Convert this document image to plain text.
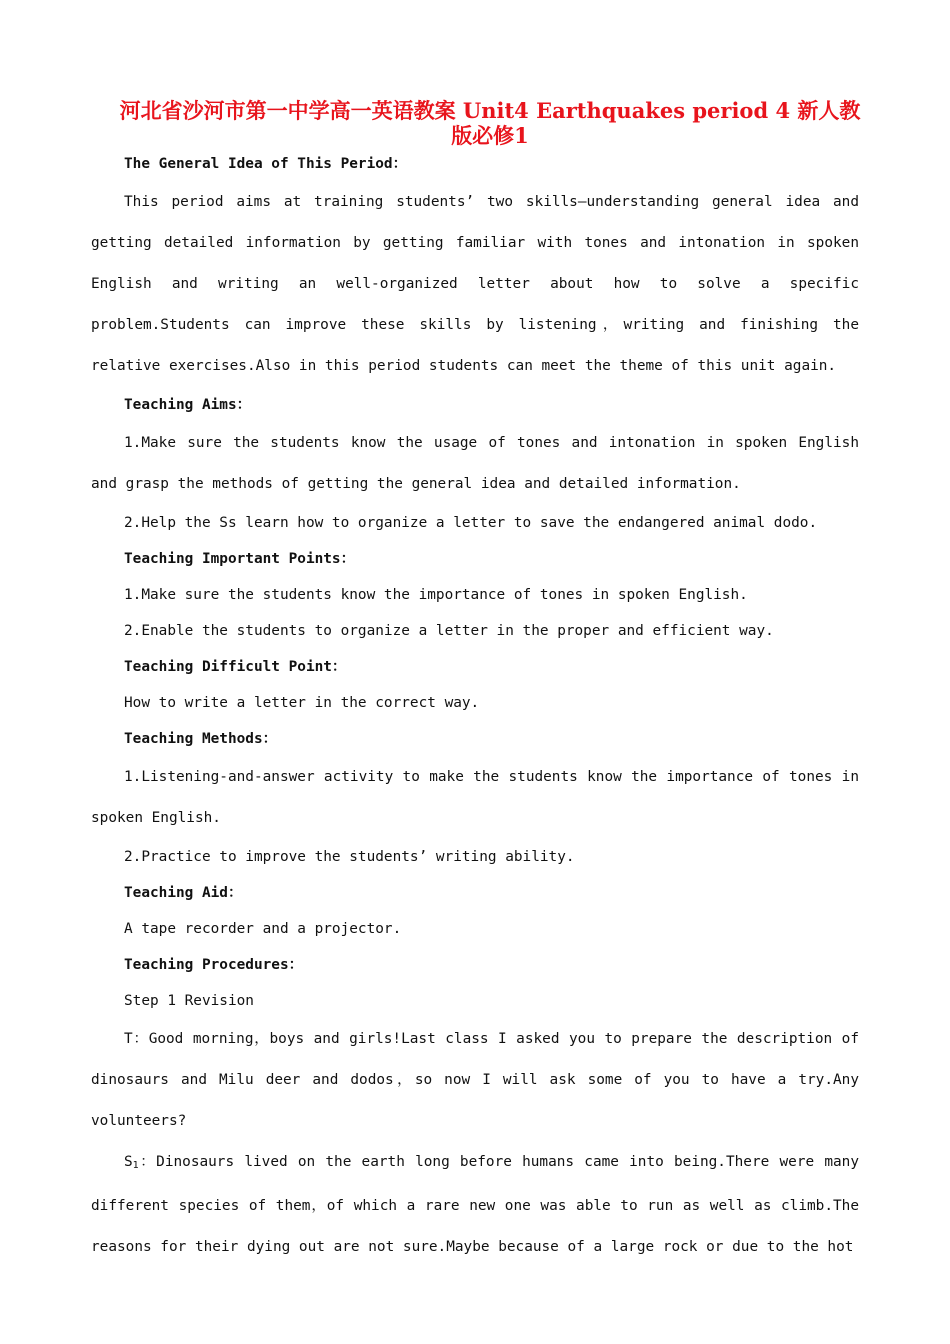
河北省沙河市第一中学高一英语教案 Unit4 Earthquakes period 4 新人教版必修1

The General Idea of This Period：

This period aims at training students’ two skills—understanding general idea and getting detailed information by getting familiar with tones and intonation in spoken English and writing an well-organized letter about how to solve a specific problem.Students can improve these skills by listening，writing and finishing the relative exercises.Also in this period students can meet the theme of this unit again.

Teaching Aims：

1.Make sure the students know the usage of tones and intonation in spoken English and grasp the methods of getting the general idea and detailed information.

2.Help the Ss learn how to organize a letter to save the endangered animal dodo.

Teaching Important Points：

1.Make sure the students know the importance of tones in spoken English.

2.Enable the students to organize a letter in the proper and efficient way.

Teaching Difficult Point：

How to write a letter in the correct way.

Teaching Methods：

1.Listening-and-answer activity to make the students know the importance of tones in spoken English.

2.Practice to improve the students’ writing ability.

Teaching Aid：

A tape recorder and a projector.

Teaching Procedures：

Step 1 Revision

T：Good morning，boys and girls!Last class I asked you to prepare the description of dinosaurs and Milu deer and dodos，so now I will ask some of you to have a try.Any volunteers?

$S_1$：Dinosaurs lived on the earth long before humans came into being.There were many different species of them，of which a rare new one was able to run as well as climb.The reasons for their dying out are not sure.Maybe because of a large rock or due to the hot
